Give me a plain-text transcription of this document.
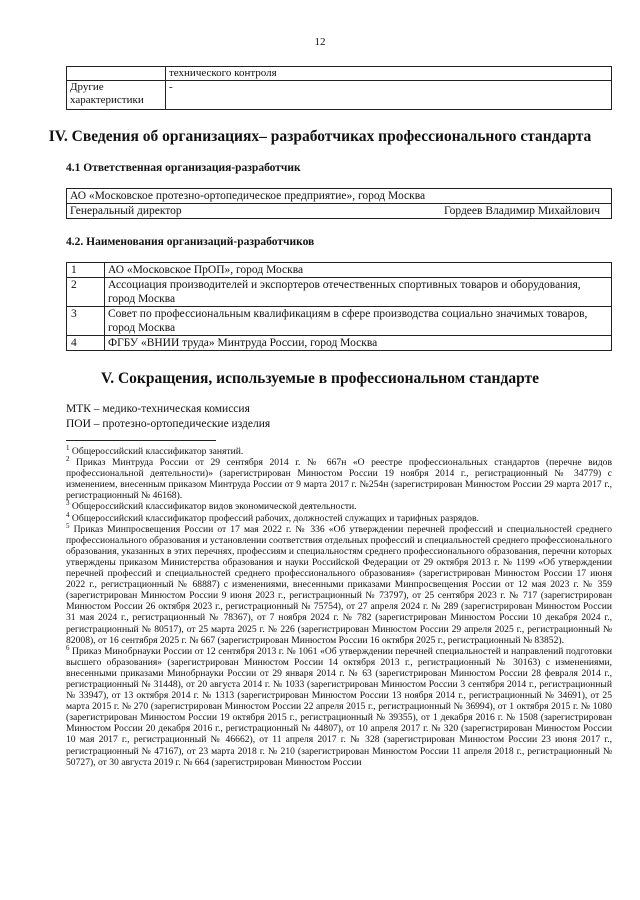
12
	технического контроля
Другие характеристики	-
IV. Сведения об организациях– разработчиках профессионального стандарта
4.1 Ответственная организация-разработчик
АО «Московское протезно-ортопедическое предприятие», город Москва

Генеральный директор	Гордеев Владимир Михайлович
4.2. Наименования организаций-разработчиков
1	АО «Московское ПрОП», город Москва
2	Ассоциация производителей и экспортеров отечественных спортивных товаров и оборудования, город Москва
3	Совет по профессиональным квалификациям в сфере производства социально значимых товаров, город Москва
4	ФГБУ «ВНИИ труда» Минтруда России, город Москва
V. Сокращения, используемые в профессиональном стандарте
МТК – медико-техническая комиссия
ПОИ – протезно-ортопедические изделия

$^1$ Общероссийский классификатор занятий.

$^2$ Приказ Минтруда России от 29 сентября 2014 г. № 667н «О реестре профессиональных стандартов (перечне видов профессиональной деятельности)» (зарегистрирован Минюстом России 19 ноября 2014 г., регистрационный № 34779) с изменением, внесенным приказом Минтруда России от 9 марта 2017 г. №254н (зарегистрирован Минюстом России 29 марта 2017 г., регистрационный № 46168).

$^3$ Общероссийский классификатор видов экономической деятельности.

$^4$ Общероссийский классификатор профессий рабочих, должностей служащих и тарифных разрядов.

$^5$ Приказ Минпросвещения России от 17 мая 2022 г. № 336 «Об утверждении перечней профессий и специальностей среднего профессионального образования и установлении соответствия отдельных профессий и специальностей среднего профессионального образования, указанных в этих перечнях, профессиям и специальностям среднего профессионального образования, перечни которых утверждены приказом Министерства образования и науки Российской Федерации от 29 октября 2013 г. № 1199 «Об утверждении перечней профессий и специальностей среднего профессионального образования» (зарегистрирован Минюстом России 17 июня 2022 г., регистрационный № 68887) с изменениями, внесенными приказами Минпросвещения России от 12 мая 2023 г. № 359 (зарегистрирован Минюстом России 9 июня 2023 г., регистрационный № 73797), от 25 сентября 2023 г. № 717 (зарегистрирован Минюстом России 26 октября 2023 г., регистрационный № 75754), от 27 апреля 2024 г. № 289 (зарегистрирован Минюстом России 31 мая 2024 г., регистрационный № 78367), от 7 ноября 2024 г. № 782 (зарегистрирован Минюстом России 10 декабря 2024 г., регистрационный № 80517), от 25 марта 2025 г. № 226 (зарегистрирован Минюстом России 29 апреля 2025 г., регистрационный № 82008), от 16 сентября 2025 г. № 667 (зарегистрирован Минюстом России 16 октября 2025 г., регистрационный № 83852).

$^6$ Приказ Минобрнауки России от 12 сентября 2013 г. № 1061 «Об утверждении перечней специальностей и направлений подготовки высшего образования» (зарегистрирован Минюстом России 14 октября 2013 г., регистрационный № 30163) с изменениями, внесенными приказами Минобрнауки России от 29 января 2014 г. № 63 (зарегистрирован Минюстом России 28 февраля 2014 г., регистрационный № 31448), от 20 августа 2014 г. № 1033 (зарегистрирован Минюстом России 3 сентября 2014 г., регистрационный № 33947), от 13 октября 2014 г. № 1313 (зарегистрирован Минюстом России 13 ноября 2014 г., регистрационный № 34691), от 25 марта 2015 г. № 270 (зарегистрирован Минюстом России 22 апреля 2015 г., регистрационный № 36994), от 1 октября 2015 г. № 1080 (зарегистрирован Минюстом России 19 октября 2015 г., регистрационный № 39355), от 1 декабря 2016 г. № 1508 (зарегистрирован Минюстом России 20 декабря 2016 г., регистрационный № 44807), от 10 апреля 2017 г. № 320 (зарегистрирован Минюстом России 10 мая 2017 г., регистрационный № 46662), от 11 апреля 2017 г. № 328 (зарегистрирован Минюстом России 23 июня 2017 г., регистрационный № 47167), от 23 марта 2018 г. № 210 (зарегистрирован Минюстом России 11 апреля 2018 г., регистрационный № 50727), от 30 августа 2019 г. № 664 (зарегистрирован Минюстом России
